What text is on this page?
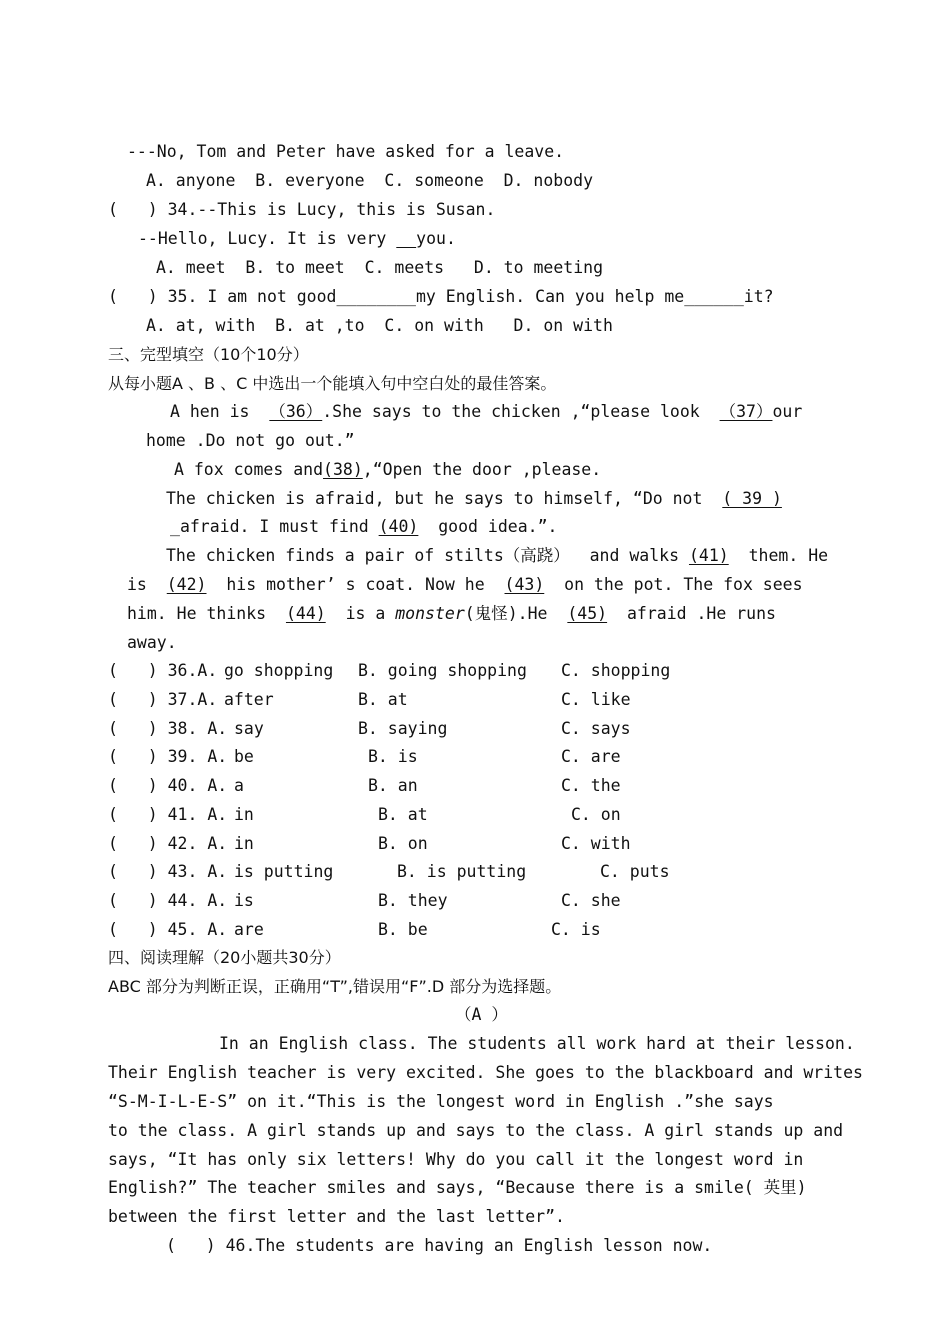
---No, Tom and Peter have asked for a leave.
A. anyone  B. everyone  C. someone  D. nobody
(   ) 34.--This is Lucy, this is Susan.
--Hello, Lucy. It is very   you.
A. meet  B. to meet  C. meets   D. to meeting
(   ) 35. I am not good________my English. Can you help me______it?
A. at, with  B. at ,to  C. on with   D. on with
三、完型填空（10个10分）
从每小题A 、B 、C 中选出一个能填入句中空白处的最佳答案。
A hen is  （36）.She says to the chicken ,“please look  （37）our
home .Do not go out.”
A fox comes and(38),“Open the door ,please.
The chicken is afraid, but he says to himself, “Do not  ( 39 )
_afraid. I must find (40)  good idea.”.
The chicken finds a pair of stilts（高跷）  and walks (41)  them. He
is  (42)  his mother’ s coat. Now he  (43)  on the pot. The fox sees
him. He thinks  (44)  is a monster(鬼怪).He  (45)  afraid .He runs
away.
(   ) 36.A. go shopping B. going shopping C. shopping
(   ) 37.A. after	B. at	C. like
(   ) 38. A. say	B. saying	C. says
(   ) 39. A. be	B. is	C. are
(   ) 40. A. a	B. an	C. the
(   ) 41. A. in	B. at	C. on
(   ) 42. A. in	B. on	C. with
(   ) 43. A. is putting	B. is putting	C. puts
(   ) 44. A. is	B. they	C. she
(   ) 45. A. are	B. be	C. is
四、阅读理解（20小题共30分）
ABC 部分为判断正误，正确用“T”,错误用“F”.D 部分为选择题。
（A ）
In an English class. The students all work hard at their lesson.
Their English teacher is very excited. She goes to the blackboard and writes
“S-M-I-L-E-S” on it.“This is the longest word in English .”she says
to the class. A girl stands up and says to the class. A girl stands up and
says, “It has only six letters! Why do you call it the longest word in
English?” The teacher smiles and says, “Because there is a smile( 英里)
between the first letter and the last letter”.
(   ) 46.The students are having an English lesson now.
